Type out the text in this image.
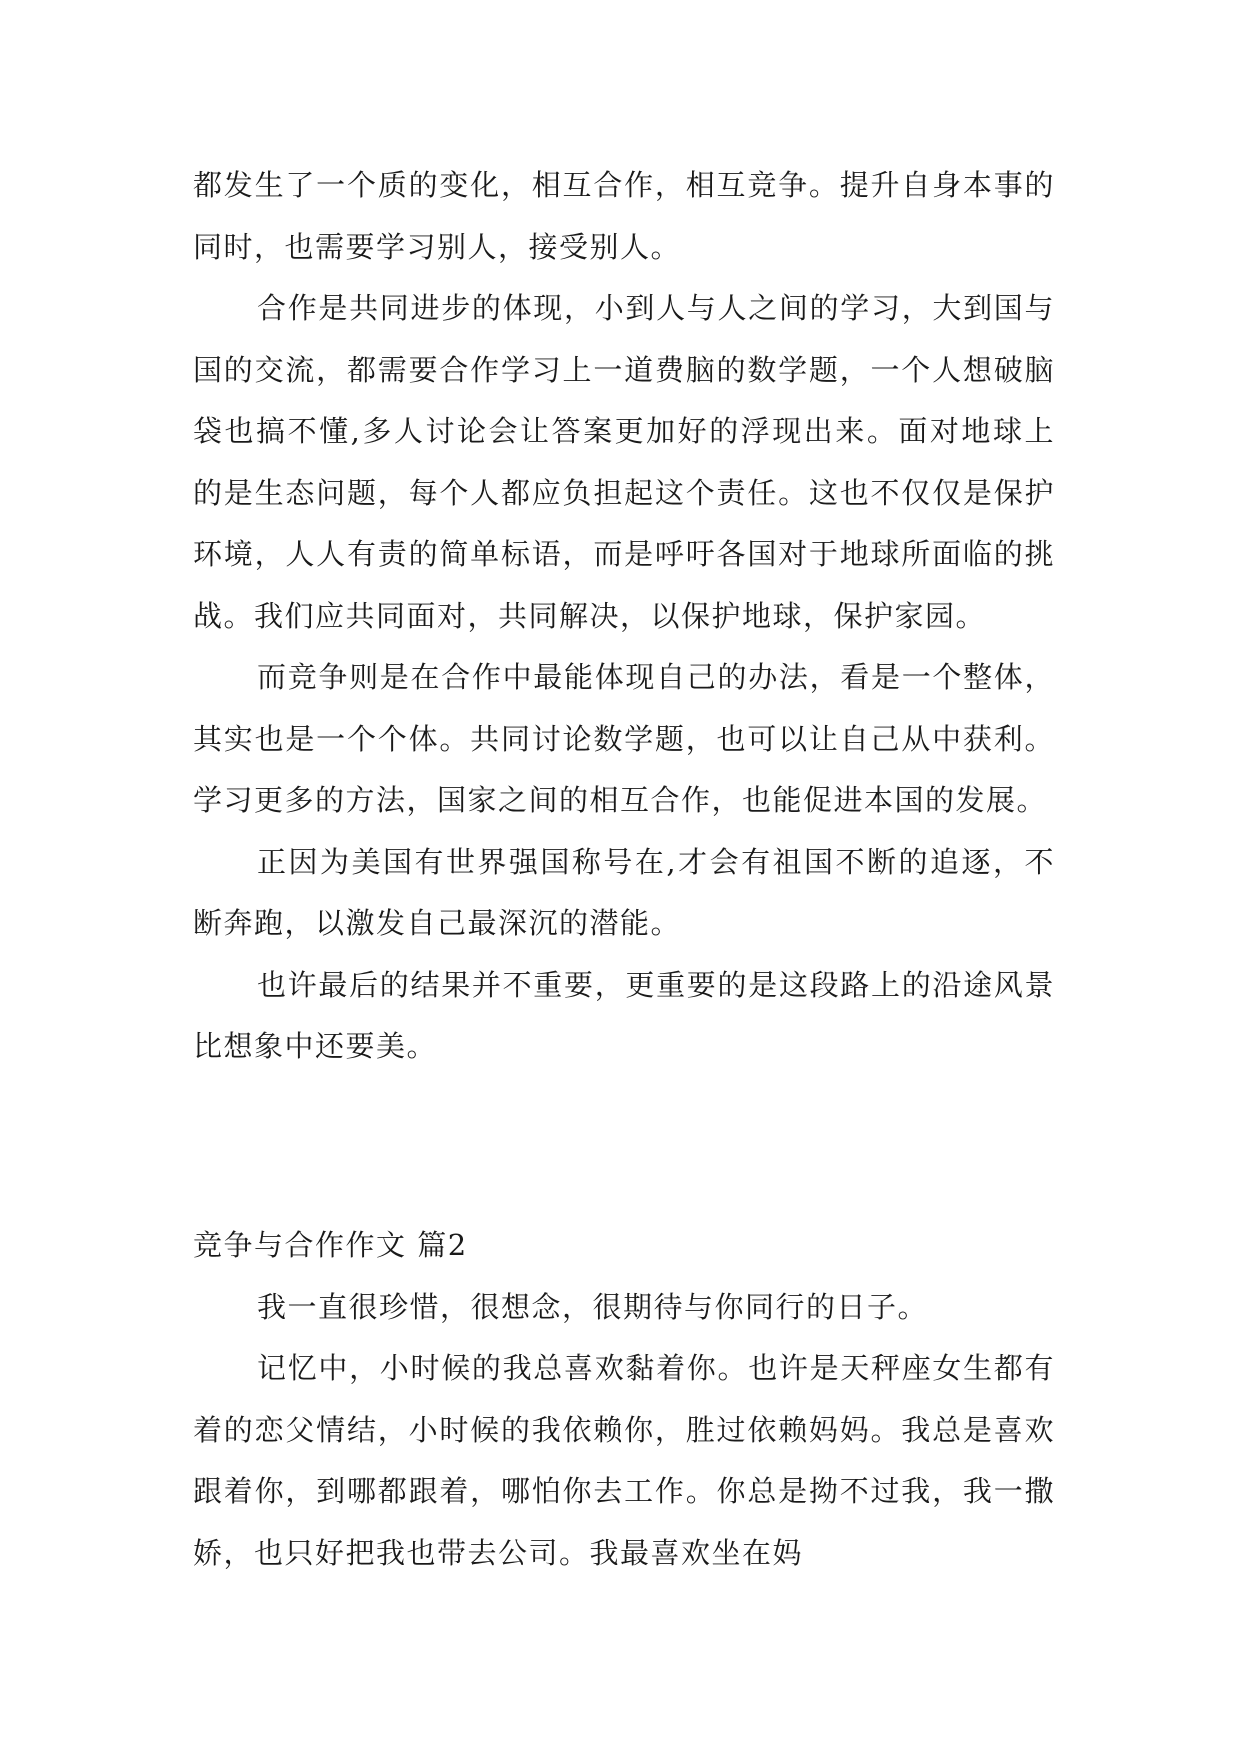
都发生了一个质的变化，相互合作，相互竞争。提升自身本事的同时，也需要学习别人，接受别人。

合作是共同进步的体现，小到人与人之间的学习，大到国与国的交流，都需要合作学习上一道费脑的数学题，一个人想破脑袋也搞不懂,多人讨论会让答案更加好的浮现出来。面对地球上的是生态问题，每个人都应负担起这个责任。这也不仅仅是保护环境，人人有责的简单标语，而是呼吁各国对于地球所面临的挑战。我们应共同面对，共同解决，以保护地球，保护家园。

而竞争则是在合作中最能体现自己的办法，看是一个整体，其实也是一个个体。共同讨论数学题，也可以让自己从中获利。学习更多的方法，国家之间的相互合作，也能促进本国的发展。

正因为美国有世界强国称号在,才会有祖国不断的追逐，不断奔跑，以激发自己最深沉的潜能。

也许最后的结果并不重要，更重要的是这段路上的沿途风景比想象中还要美。

竞争与合作作文 篇2

我一直很珍惜，很想念，很期待与你同行的日子。

记忆中，小时候的我总喜欢黏着你。也许是天秤座女生都有着的恋父情结，小时候的我依赖你，胜过依赖妈妈。我总是喜欢跟着你，到哪都跟着，哪怕你去工作。你总是拗不过我，我一撒娇，也只好把我也带去公司。我最喜欢坐在妈
